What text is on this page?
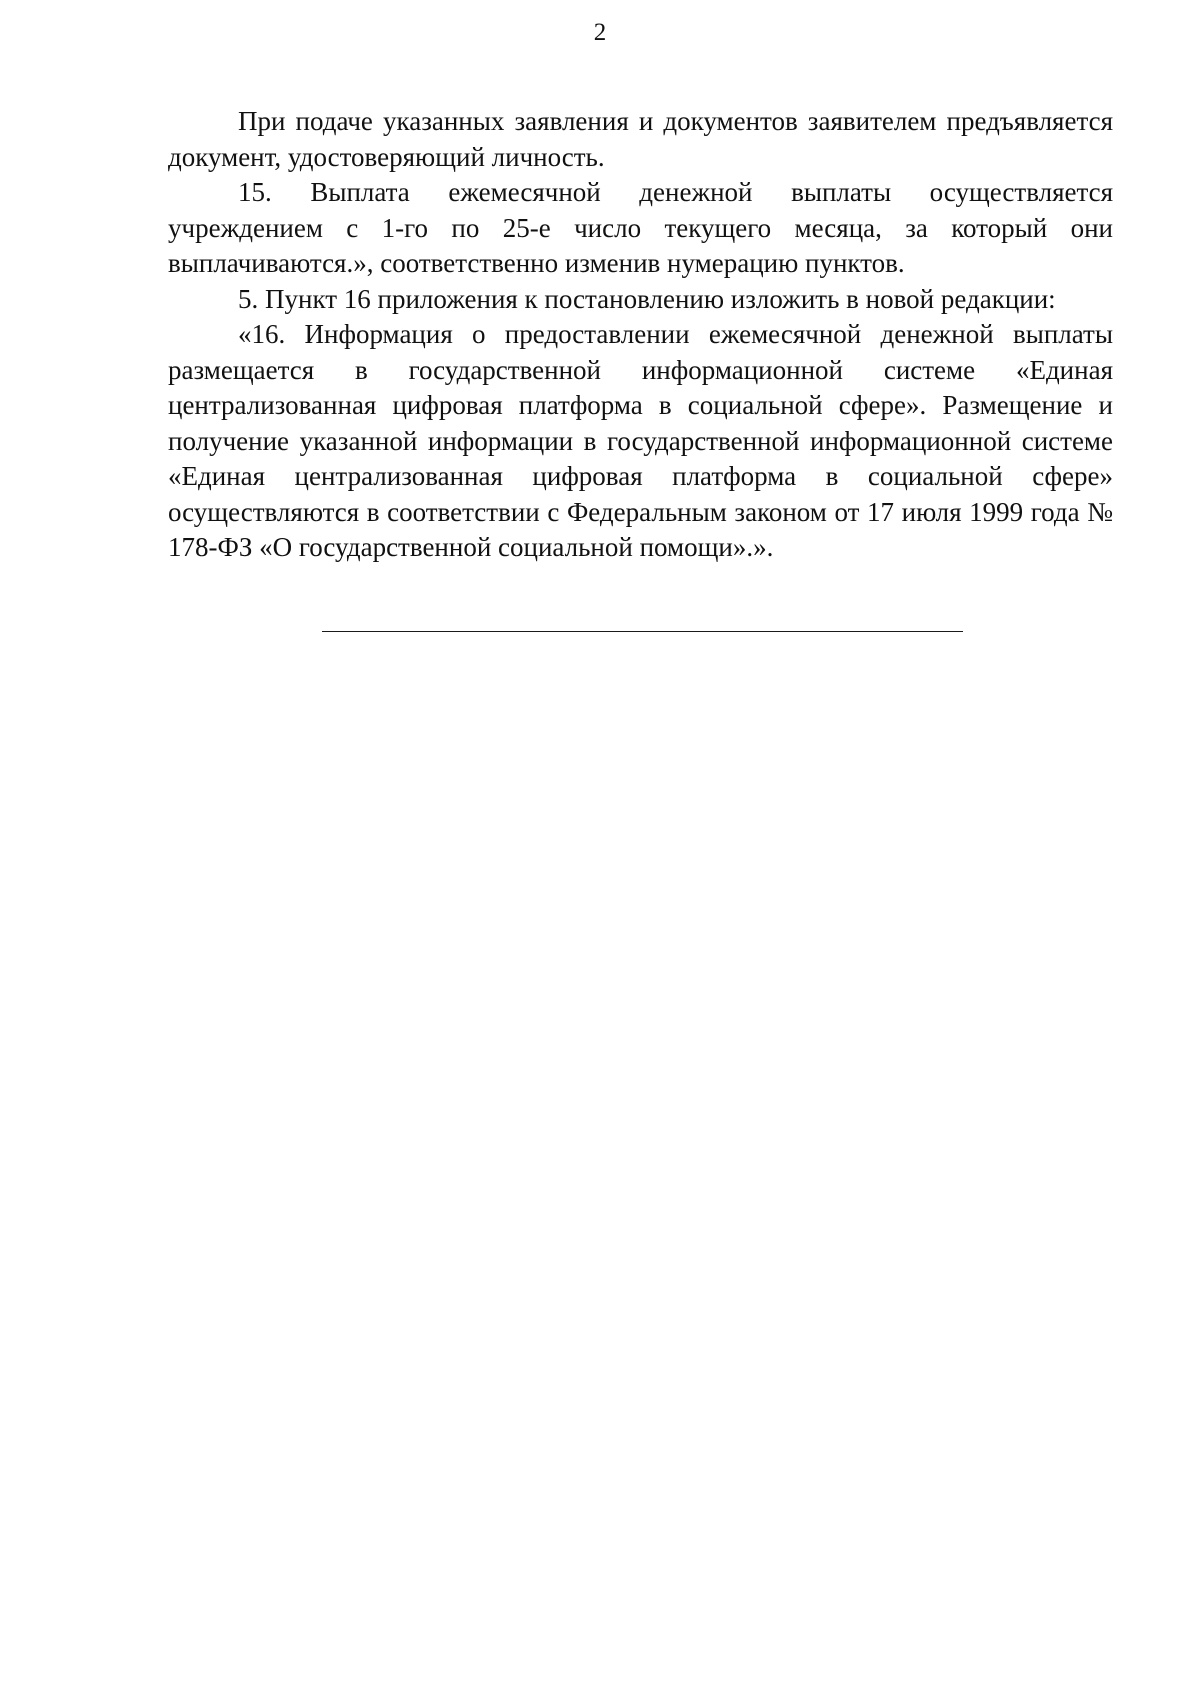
2

При подаче указанных заявления и документов заявителем предъявляется документ, удостоверяющий личность.

15. Выплата ежемесячной денежной выплаты осуществляется учреждением с 1-го по 25-е число текущего месяца, за который они выплачиваются.», соответственно изменив нумерацию пунктов.

5. Пункт 16 приложения к постановлению изложить в новой редакции:

«16. Информация о предоставлении ежемесячной денежной выплаты размещается в государственной информационной системе «Единая централизованная цифровая платформа в социальной сфере». Размещение и получение указанной информации в государственной информационной системе «Единая централизованная цифровая платформа в социальной сфере» осуществляются в соответствии с Федеральным законом от 17 июля 1999 года № 178-ФЗ «О государственной социальной помощи».».
